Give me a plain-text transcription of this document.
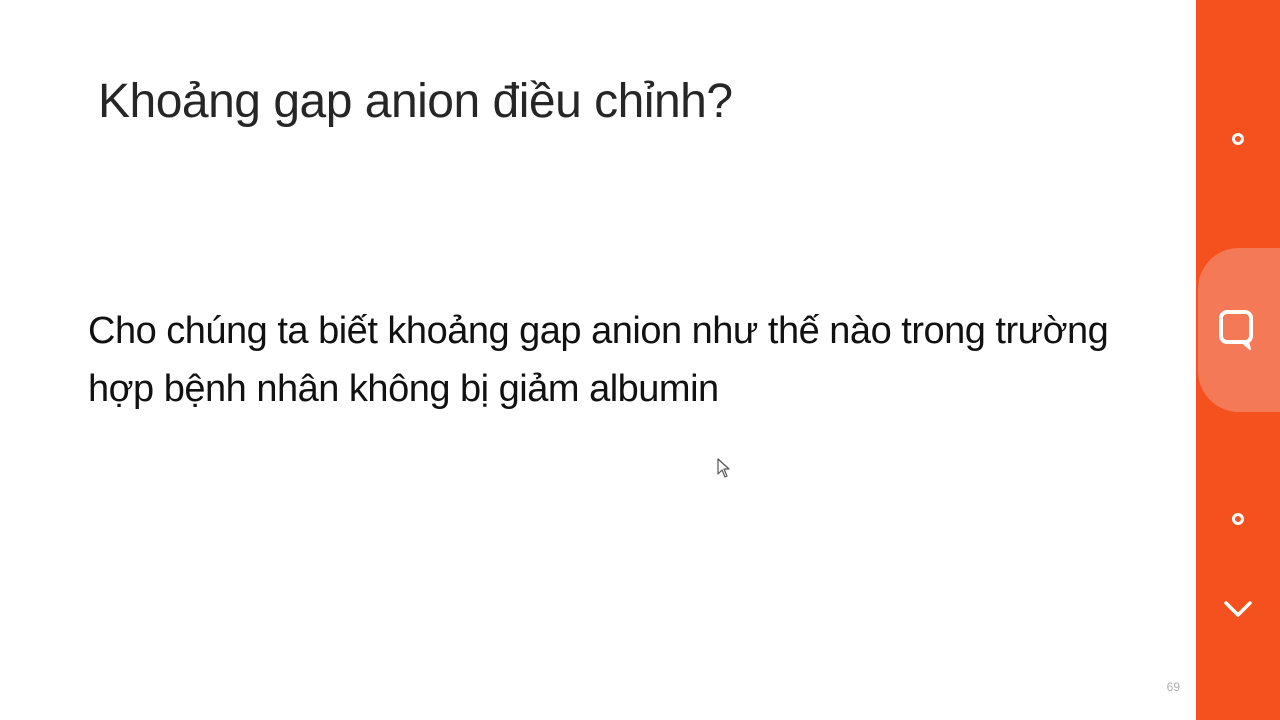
Khoảng gap anion điều chỉnh?
Cho chúng ta biết khoảng gap anion như thế nào trong trường hợp bệnh nhân không bị giảm albumin
69
